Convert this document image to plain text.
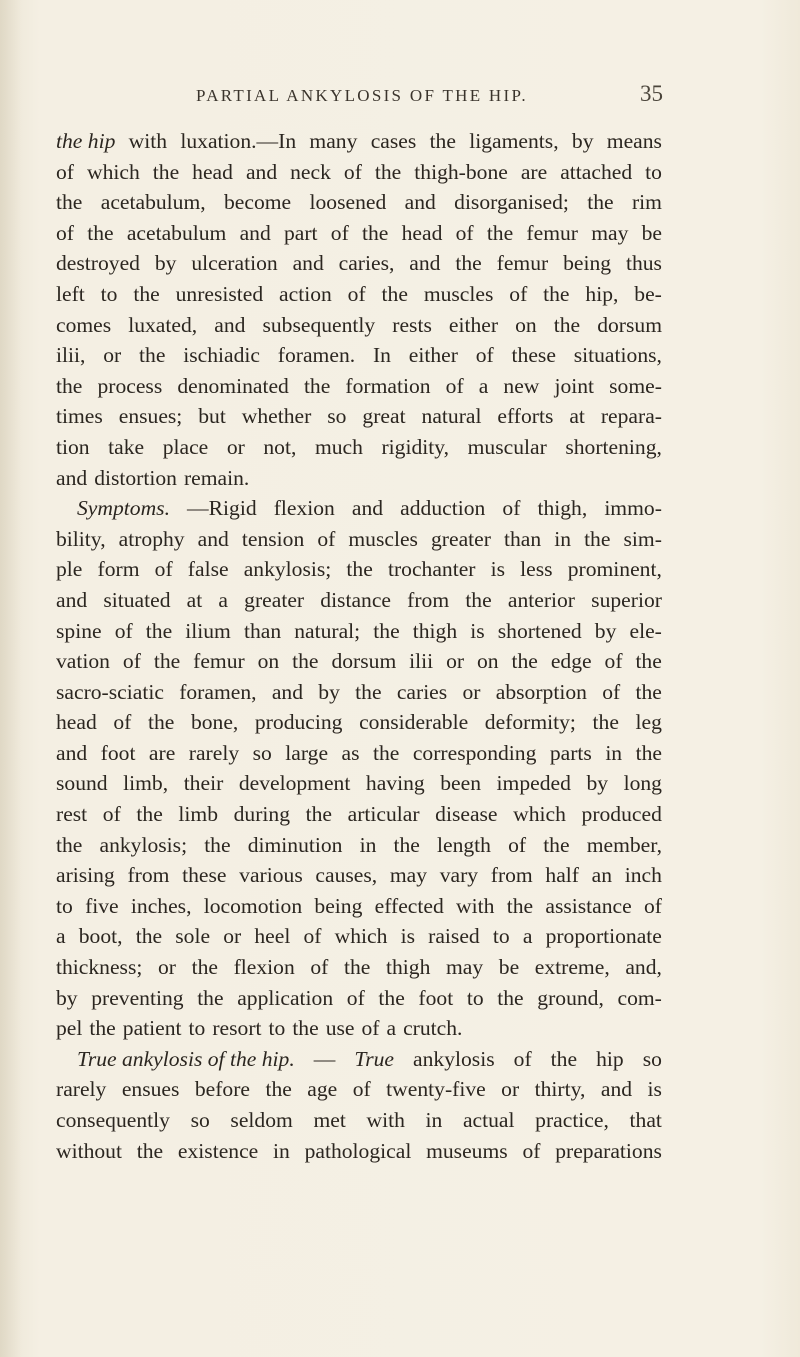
PARTIAL ANKYLOSIS OF THE HIP.	35
the hip with luxation.—In many cases the ligaments, by means
of which the head and neck of the thigh-bone are attached to
the acetabulum, become loosened and disorganised; the rim
of the acetabulum and part of the head of the femur may be
destroyed by ulceration and caries, and the femur being thus
left to the unresisted action of the muscles of the hip, be-
comes luxated, and subsequently rests either on the dorsum
ilii, or the ischiadic foramen. In either of these situations,
the process denominated the formation of a new joint some-
times ensues; but whether so great natural efforts at repara-
tion take place or not, much rigidity, muscular shortening,
and distortion remain.
Symptoms. —Rigid flexion and adduction of thigh, immo-
bility, atrophy and tension of muscles greater than in the sim-
ple form of false ankylosis; the trochanter is less prominent,
and situated at a greater distance from the anterior superior
spine of the ilium than natural; the thigh is shortened by ele-
vation of the femur on the dorsum ilii or on the edge of the
sacro-sciatic foramen, and by the caries or absorption of the
head of the bone, producing considerable deformity; the leg
and foot are rarely so large as the corresponding parts in the
sound limb, their development having been impeded by long
rest of the limb during the articular disease which produced
the ankylosis; the diminution in the length of the member,
arising from these various causes, may vary from half an inch
to five inches, locomotion being effected with the assistance of
a boot, the sole or heel of which is raised to a proportionate
thickness; or the flexion of the thigh may be extreme, and,
by preventing the application of the foot to the ground, com-
pel the patient to resort to the use of a crutch.
True ankylosis of the hip. — True ankylosis of the hip so
rarely ensues before the age of twenty-five or thirty, and is
consequently so seldom met with in actual practice, that
without the existence in pathological museums of preparations
